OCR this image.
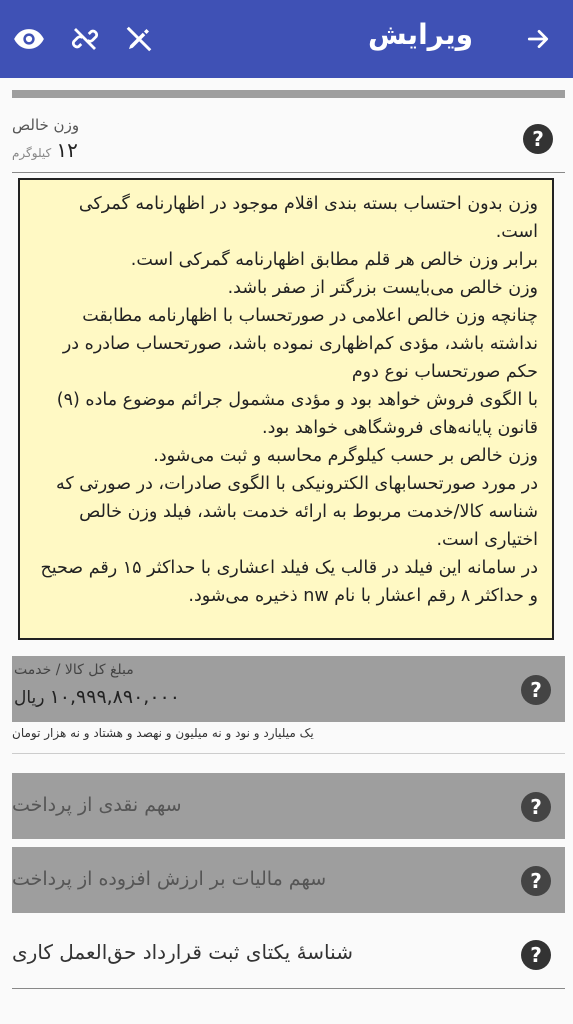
ویرایش
وزن خالص
۱۲ کیلوگرم
?
وزن بدون احتساب بسته بندی اقلام موجود در اظهارنامه گمرکی است.
برابر وزن خالص هر قلم مطابق اظهارنامه گمرکی است.
وزن خالص می‌بایست بزرگتر از صفر باشد.
چنانچه وزن خالص اعلامی در صورتحساب با اظهارنامه مطابقت نداشته باشد، مؤدی کم‌اظهاری نموده باشد، صورتحساب صادره در حکم صورتحساب نوع دوم
با الگوی فروش خواهد بود و مؤدی مشمول جرائم موضوع ماده (۹) قانون پایانه‌های فروشگاهی خواهد بود.
وزن خالص بر حسب کیلوگرم محاسبه و ثبت می‌شود.
در مورد صورتحسابهای الکترونیکی با الگوی صادرات، در صورتی که شناسه کالا/خدمت مربوط به ارائه خدمت باشد، فیلد وزن خالص اختیاری است.
در سامانه این فیلد در قالب یک فیلد اعشاری با حداکثر ۱۵ رقم صحیح و حداکثر ۸ رقم اعشار با نام nw ذخیره می‌شود.
مبلغ کل کالا / خدمت
۱۰,۹۹۹,۸۹۰,۰۰۰ ریال	?
یک میلیارد و نود و نه میلیون و نهصد و هشتاد و نه هزار تومان
سهم نقدی از پرداخت	?
سهم مالیات بر ارزش افزوده از پرداخت	?
شناسهٔ یکتای ثبت قرارداد حق‌العمل کاری	?
